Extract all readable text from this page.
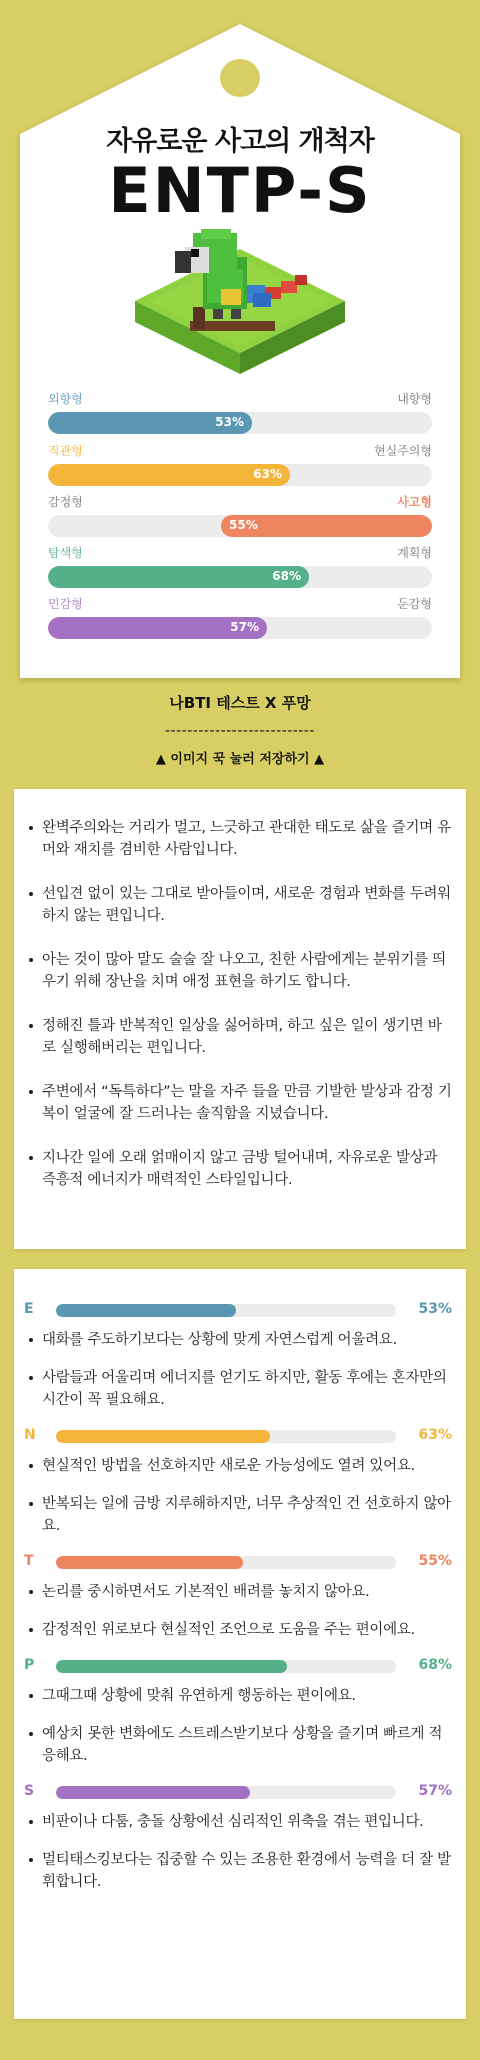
자유로운 사고의 개척자
ENTP-S
외향형	내향형
53%
직관형	현실주의형
63%
감정형	사고형
55%
탐색형	계획형
68%
민감형	둔감형
57%
나BTI 테스트 X 푸망
---------------------------
▲ 이미지 꾹 눌러 저장하기 ▲
완벽주의와는 거리가 멀고, 느긋하고 관대한 태도로 삶을 즐기며 유머와 재치를 겸비한 사람입니다.
선입견 없이 있는 그대로 받아들이며, 새로운 경험과 변화를 두려워하지 않는 편입니다.
아는 것이 많아 말도 술술 잘 나오고, 친한 사람에게는 분위기를 띄우기 위해 장난을 치며 애정 표현을 하기도 합니다.
정해진 틀과 반복적인 일상을 싫어하며, 하고 싶은 일이 생기면 바로 실행해버리는 편입니다.
주변에서 “독특하다”는 말을 자주 들을 만큼 기발한 발상과 감정 기복이 얼굴에 잘 드러나는 솔직함을 지녔습니다.
지나간 일에 오래 얽매이지 않고 금방 털어내며, 자유로운 발상과 즉흥적 에너지가 매력적인 스타일입니다.
E	53%
대화를 주도하기보다는 상황에 맞게 자연스럽게 어울려요.
사람들과 어울리며 에너지를 얻기도 하지만, 활동 후에는 혼자만의 시간이 꼭 필요해요.
N	63%
현실적인 방법을 선호하지만 새로운 가능성에도 열려 있어요.
반복되는 일에 금방 지루해하지만, 너무 추상적인 건 선호하지 않아요.
T	55%
논리를 중시하면서도 기본적인 배려를 놓치지 않아요.
감정적인 위로보다 현실적인 조언으로 도움을 주는 편이에요.
P	68%
그때그때 상황에 맞춰 유연하게 행동하는 편이에요.
예상치 못한 변화에도 스트레스받기보다 상황을 즐기며 빠르게 적응해요.
S	57%
비판이나 다툼, 충돌 상황에선 심리적인 위축을 겪는 편입니다.
멀티태스킹보다는 집중할 수 있는 조용한 환경에서 능력을 더 잘 발휘합니다.
